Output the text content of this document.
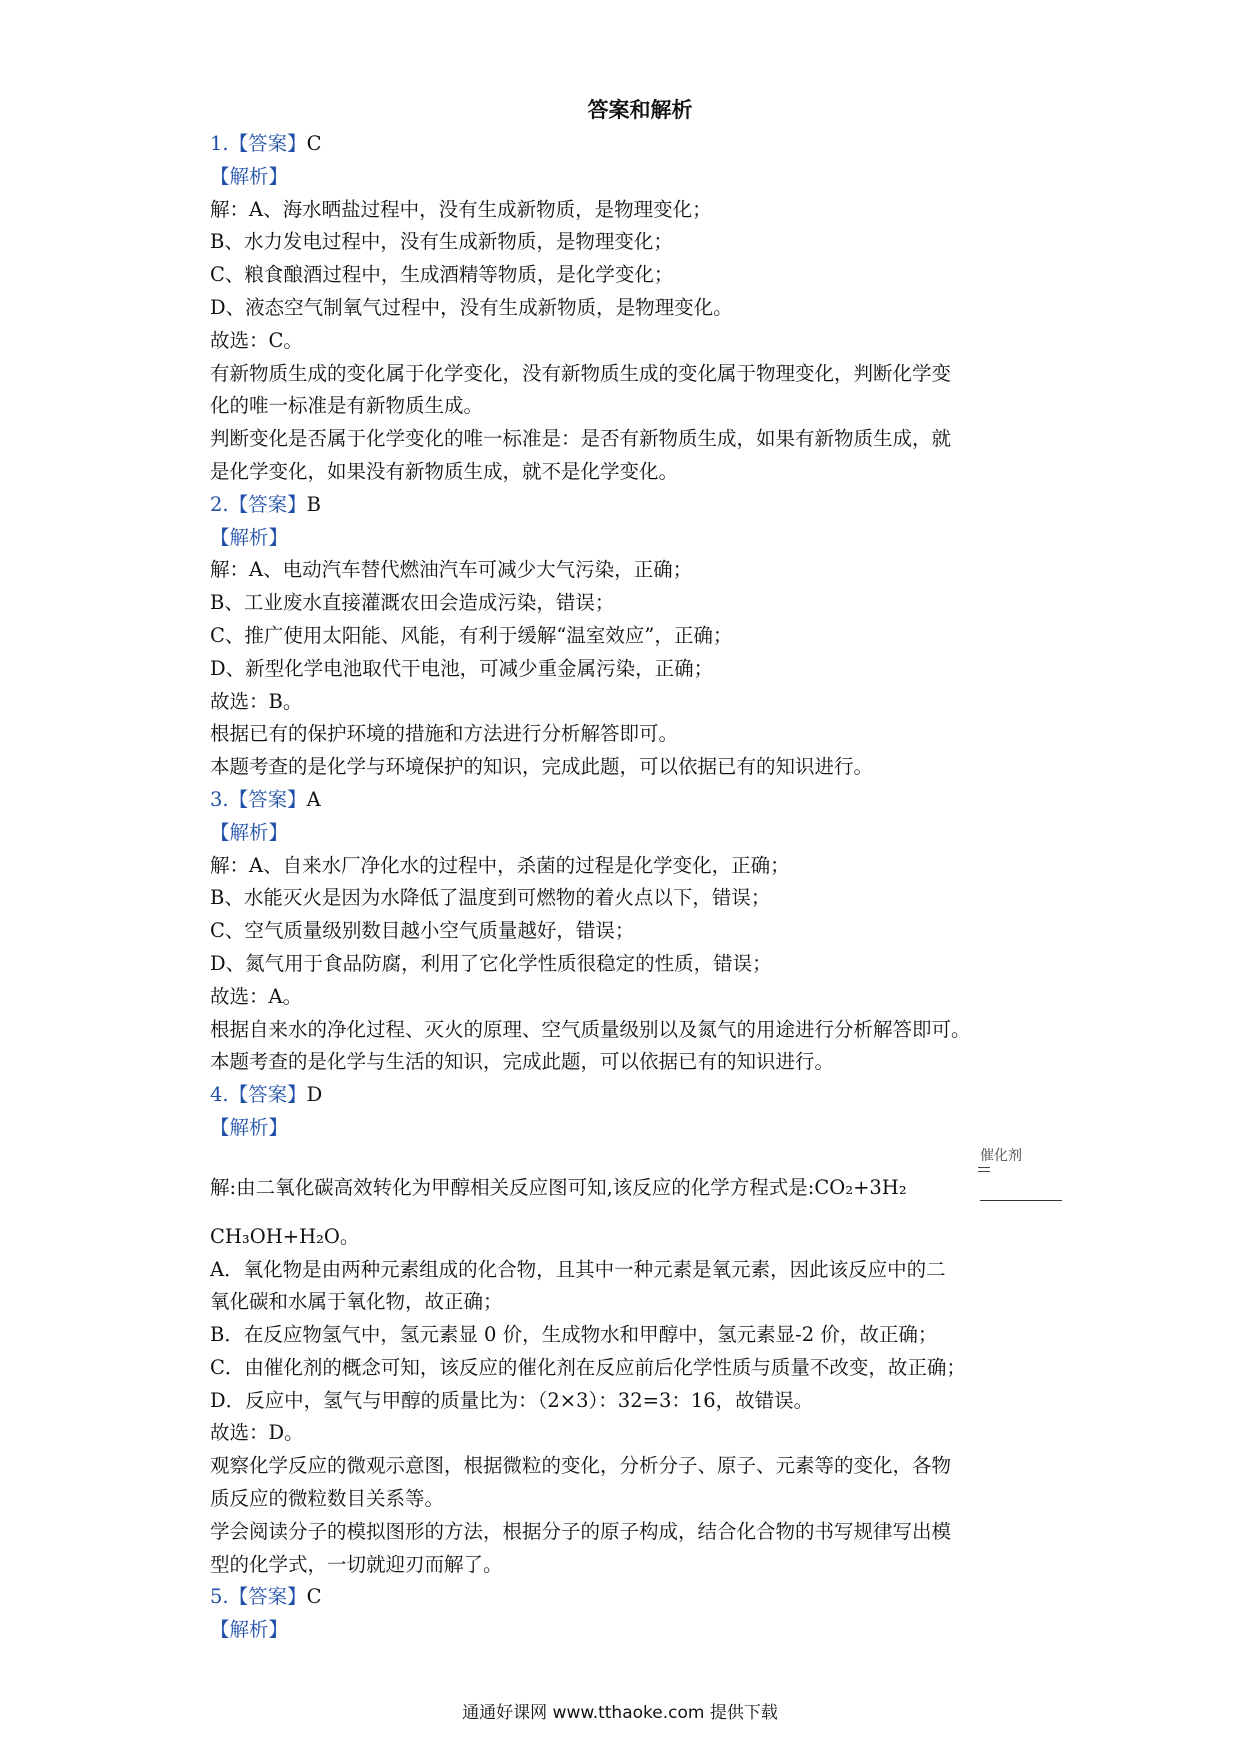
答案和解析
1.【答案】C
【解析】
解：A、海水晒盐过程中，没有生成新物质，是物理变化；
B、水力发电过程中，没有生成新物质，是物理变化；
C、粮食酿酒过程中，生成酒精等物质，是化学变化；
D、液态空气制氧气过程中，没有生成新物质，是物理变化。
故选：C。
有新物质生成的变化属于化学变化，没有新物质生成的变化属于物理变化，判断化学变
化的唯一标准是有新物质生成。
判断变化是否属于化学变化的唯一标准是：是否有新物质生成，如果有新物质生成，就
是化学变化，如果没有新物质生成，就不是化学变化。
2.【答案】B
【解析】
解：A、电动汽车替代燃油汽车可减少大气污染，正确；
B、工业废水直接灌溉农田会造成污染，错误；
C、推广使用太阳能、风能，有利于缓解“温室效应”，正确；
D、新型化学电池取代干电池，可减少重金属污染，正确；
故选：B。
根据已有的保护环境的措施和方法进行分析解答即可。
本题考查的是化学与环境保护的知识，完成此题，可以依据已有的知识进行。
3.【答案】A
【解析】
解：A、自来水厂净化水的过程中，杀菌的过程是化学变化，正确；
B、水能灭火是因为水降低了温度到可燃物的着火点以下，错误；
C、空气质量级别数目越小空气质量越好，错误；
D、氮气用于食品防腐，利用了它化学性质很稳定的性质，错误；
故选：A。
根据自来水的净化过程、灭火的原理、空气质量级别以及氮气的用途进行分析解答即可。
本题考查的是化学与生活的知识，完成此题，可以依据已有的知识进行。
4.【答案】D
【解析】
催化剂
解:由二氧化碳高效转化为甲醇相关反应图可知,该反应的化学方程式是:CO₂+3H₂
CH₃OH+H₂O。
A．氧化物是由两种元素组成的化合物，且其中一种元素是氧元素，因此该反应中的二
氧化碳和水属于氧化物，故正确；
B．在反应物氢气中，氢元素显 0 价，生成物水和甲醇中，氢元素显-2 价，故正确；
C．由催化剂的概念可知，该反应的催化剂在反应前后化学性质与质量不改变，故正确；
D．反应中，氢气与甲醇的质量比为：（2×3）：32=3：16，故错误。
故选：D。
观察化学反应的微观示意图，根据微粒的变化，分析分子、原子、元素等的变化，各物
质反应的微粒数目关系等。
学会阅读分子的模拟图形的方法，根据分子的原子构成，结合化合物的书写规律写出模
型的化学式，一切就迎刃而解了。
5.【答案】C
【解析】
通通好课网 www.tthaoke.com 提供下载
